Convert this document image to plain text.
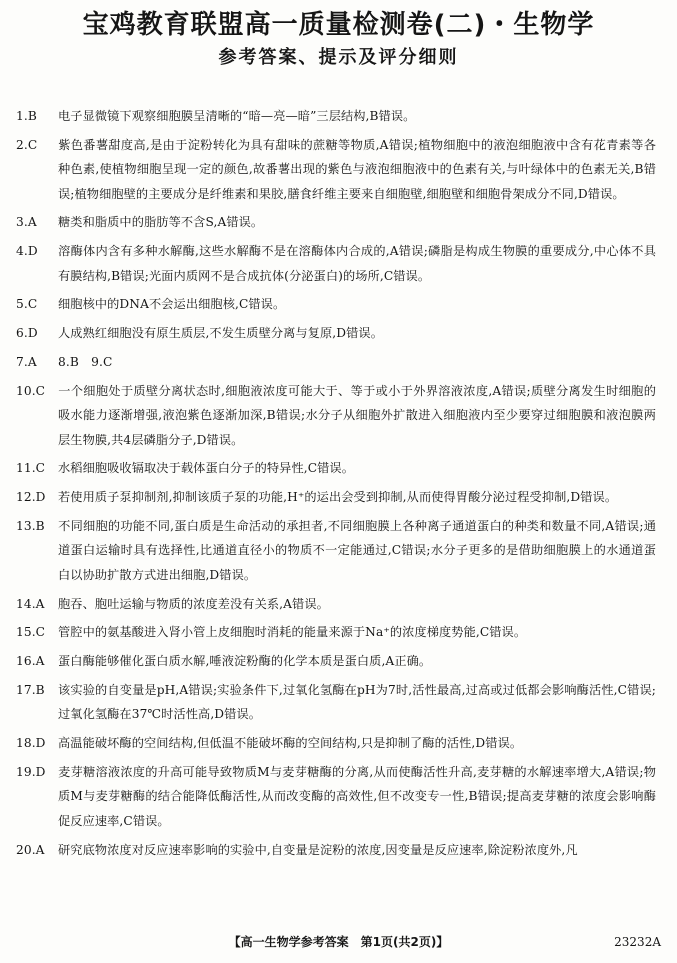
宝鸡教育联盟高一质量检测卷(二)・生物学
参考答案、提示及评分细则
1.B 电子显微镜下观察细胞膜呈清晰的“暗—亮—暗”三层结构,B错误。
2.C 紫色番薯甜度高,是由于淀粉转化为具有甜味的蔗糖等物质,A错误;植物细胞中的液泡细胞液中含有花青素等各种色素,使植物细胞呈现一定的颜色,故番薯出现的紫色与液泡细胞液中的色素有关,与叶绿体中的色素无关,B错误;植物细胞壁的主要成分是纤维素和果胶,膳食纤维主要来自细胞壁,细胞壁和细胞骨架成分不同,D错误。
3.A 糖类和脂质中的脂肪等不含S,A错误。
4.D 溶酶体内含有多种水解酶,这些水解酶不是在溶酶体内合成的,A错误;磷脂是构成生物膜的重要成分,中心体不具有膜结构,B错误;光面内质网不是合成抗体(分泌蛋白)的场所,C错误。
5.C 细胞核中的DNA不会运出细胞核,C错误。
6.D 人成熟红细胞没有原生质层,不发生质壁分离与复原,D错误。
7.A 8.B　9.C
10.C 一个细胞处于质壁分离状态时,细胞液浓度可能大于、等于或小于外界溶液浓度,A错误;质壁分离发生时细胞的吸水能力逐渐增强,液泡紫色逐渐加深,B错误;水分子从细胞外扩散进入细胞液内至少要穿过细胞膜和液泡膜两层生物膜,共4层磷脂分子,D错误。
11.C 水稻细胞吸收镉取决于载体蛋白分子的特异性,C错误。
12.D 若使用质子泵抑制剂,抑制该质子泵的功能,H⁺的运出会受到抑制,从而使得胃酸分泌过程受抑制,D错误。
13.B 不同细胞的功能不同,蛋白质是生命活动的承担者,不同细胞膜上各种离子通道蛋白的种类和数量不同,A错误;通道蛋白运输时具有选择性,比通道直径小的物质不一定能通过,C错误;水分子更多的是借助细胞膜上的水通道蛋白以协助扩散方式进出细胞,D错误。
14.A 胞吞、胞吐运输与物质的浓度差没有关系,A错误。
15.C 管腔中的氨基酸进入肾小管上皮细胞时消耗的能量来源于Na⁺的浓度梯度势能,C错误。
16.A 蛋白酶能够催化蛋白质水解,唾液淀粉酶的化学本质是蛋白质,A正确。
17.B 该实验的自变量是pH,A错误;实验条件下,过氧化氢酶在pH为7时,活性最高,过高或过低都会影响酶活性,C错误;过氧化氢酶在37℃时活性高,D错误。
18.D 高温能破坏酶的空间结构,但低温不能破坏酶的空间结构,只是抑制了酶的活性,D错误。
19.D 麦芽糖溶液浓度的升高可能导致物质M与麦芽糖酶的分离,从而使酶活性升高,麦芽糖的水解速率增大,A错误;物质M与麦芽糖酶的结合能降低酶活性,从而改变酶的高效性,但不改变专一性,B错误;提高麦芽糖的浓度会影响酶促反应速率,C错误。
20.A 研究底物浓度对反应速率影响的实验中,自变量是淀粉的浓度,因变量是反应速率,除淀粉浓度外,凡
【高一生物学参考答案　第1页(共2页)】	23232A
